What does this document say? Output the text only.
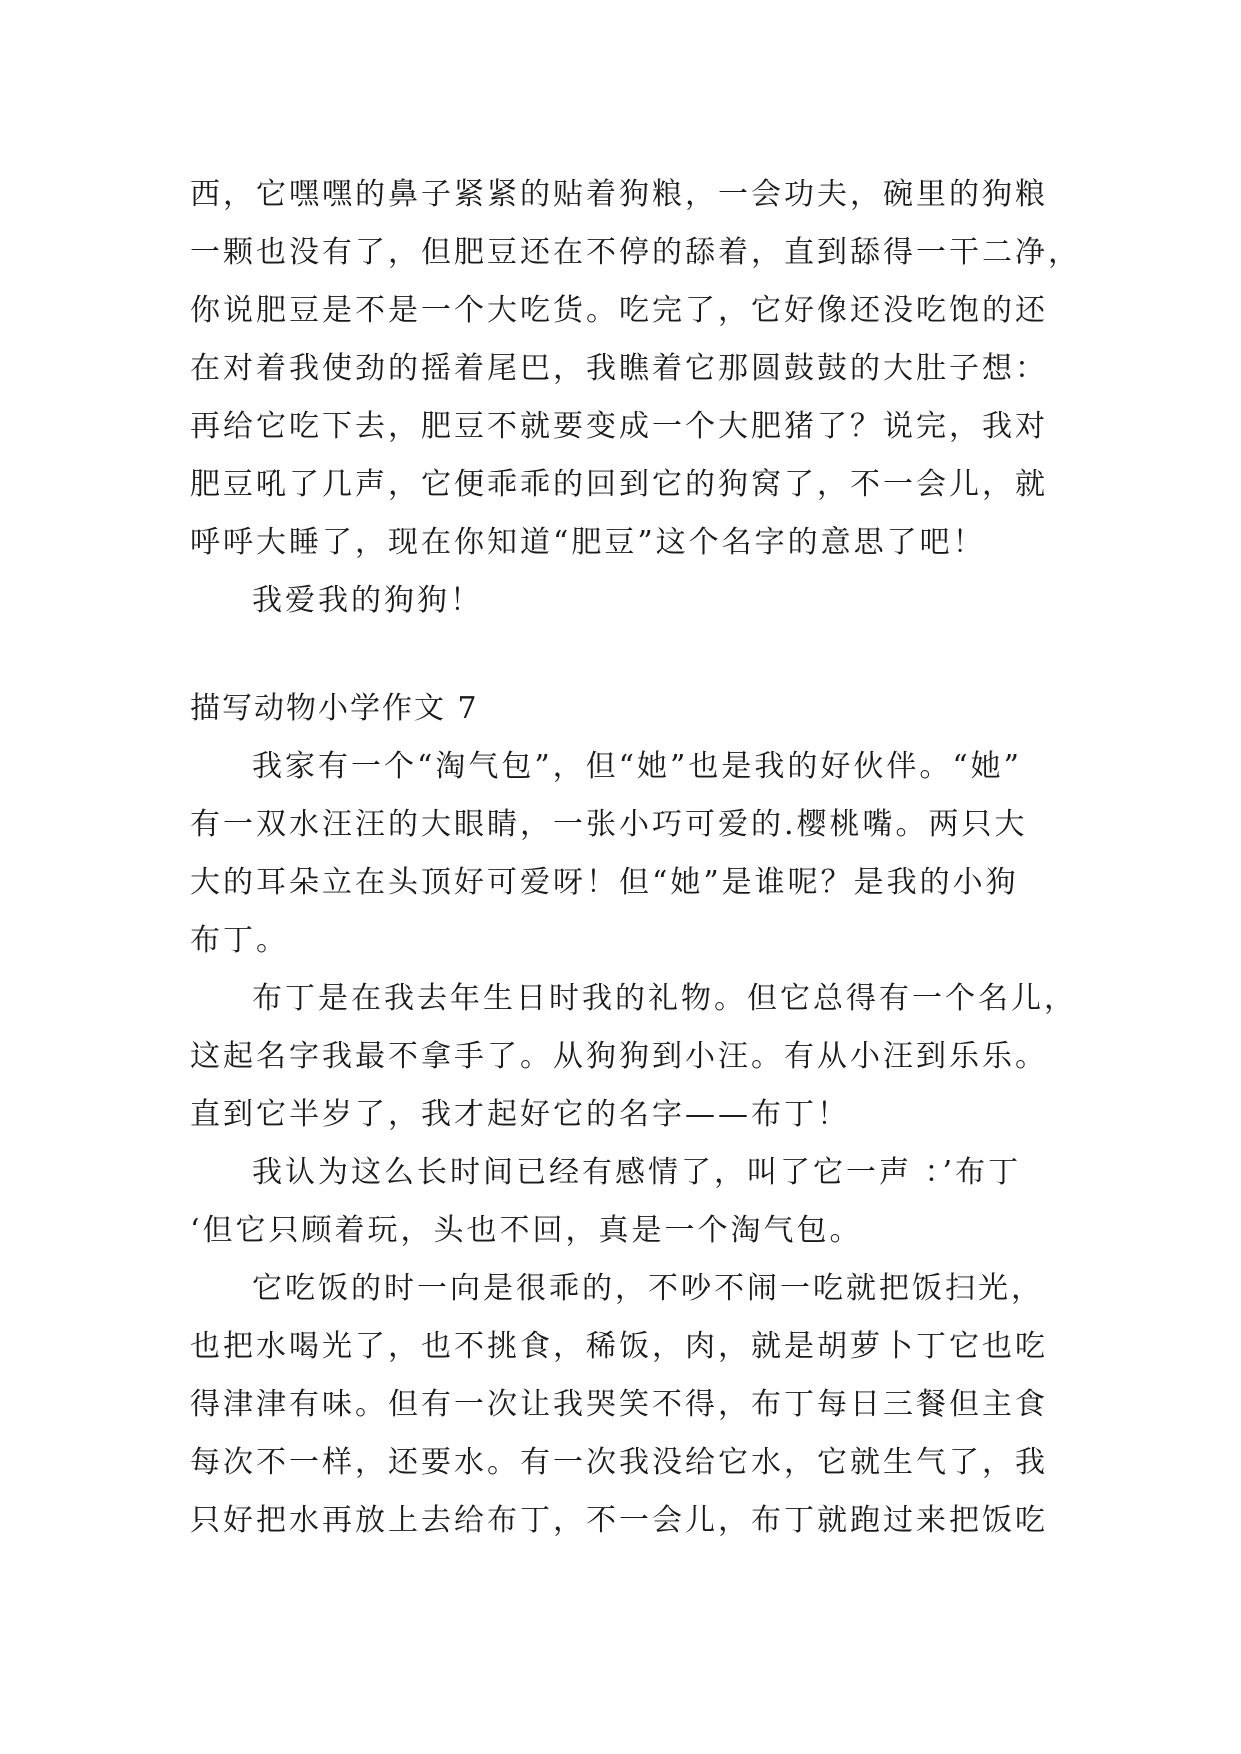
西，它嘿嘿的鼻子紧紧的贴着狗粮，一会功夫，碗里的狗粮
一颗也没有了，但肥豆还在不停的舔着，直到舔得一干二净，
你说肥豆是不是一个大吃货。吃完了，它好像还没吃饱的还
在对着我使劲的摇着尾巴，我瞧着它那圆鼓鼓的大肚子想：
再给它吃下去，肥豆不就要变成一个大肥猪了？说完，我对
肥豆吼了几声，它便乖乖的回到它的狗窝了，不一会儿，就
呼呼大睡了，现在你知道“肥豆”这个名字的意思了吧！
我爱我的狗狗！
描写动物小学作文 7
我家有一个“淘气包”，但“她”也是我的好伙伴。“她”
有一双水汪汪的大眼睛，一张小巧可爱的.樱桃嘴。两只大
大的耳朵立在头顶好可爱呀！但“她”是谁呢？是我的小狗
布丁。
布丁是在我去年生日时我的礼物。但它总得有一个名儿，
这起名字我最不拿手了。从狗狗到小汪。有从小汪到乐乐。
直到它半岁了，我才起好它的名字——布丁！
我认为这么长时间已经有感情了，叫了它一声 ：’布丁
‘但它只顾着玩，头也不回，真是一个淘气包。
它吃饭的时一向是很乖的，不吵不闹一吃就把饭扫光，
也把水喝光了，也不挑食，稀饭，肉，就是胡萝卜丁它也吃
得津津有味。但有一次让我哭笑不得，布丁每日三餐但主食
每次不一样，还要水。有一次我没给它水，它就生气了，我
只好把水再放上去给布丁，不一会儿，布丁就跑过来把饭吃
